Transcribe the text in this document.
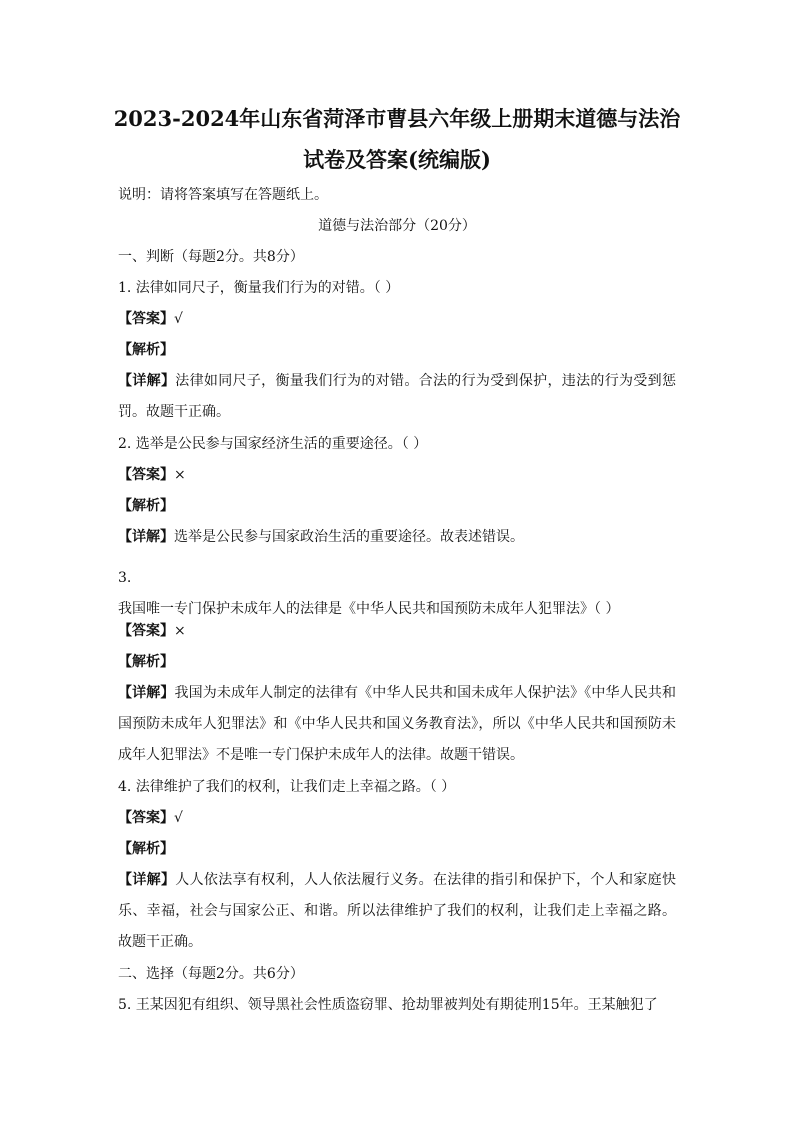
2023-2024年山东省菏泽市曹县六年级上册期末道德与法治
试卷及答案(统编版)
说明：请将答案填写在答题纸上。
道德与法治部分（20分）
一、判断（每题2分。共8分）
1. 法律如同尺子，衡量我们行为的对错。（ ）
【答案】√
【解析】
【详解】法律如同尺子，衡量我们行为的对错。合法的行为受到保护，违法的行为受到惩罚。故题干正确。
2. 选举是公民参与国家经济生活的重要途径。（ ）
【答案】×
【解析】
【详解】选举是公民参与国家政治生活的重要途径。故表述错误。
3.我国唯一专门保护未成年人的法律是《中华人民共和国预防未成年人犯罪法》（ ）
【答案】×
【解析】
【详解】我国为未成年人制定的法律有《中华人民共和国未成年人保护法》《中华人民共和国预防未成年人犯罪法》和《中华人民共和国义务教育法》，所以《中华人民共和国预防未成年人犯罪法》不是唯一专门保护未成年人的法律。故题干错误。
4. 法律维护了我们的权利，让我们走上幸福之路。（ ）
【答案】√
【解析】
【详解】人人依法享有权利，人人依法履行义务。在法律的指引和保护下，个人和家庭快乐、幸福，社会与国家公正、和谐。所以法律维护了我们的权利，让我们走上幸福之路。故题干正确。
二、选择（每题2分。共6分）
5. 王某因犯有组织、领导黑社会性质盗窃罪、抢劫罪被判处有期徒刑15年。王某触犯了
